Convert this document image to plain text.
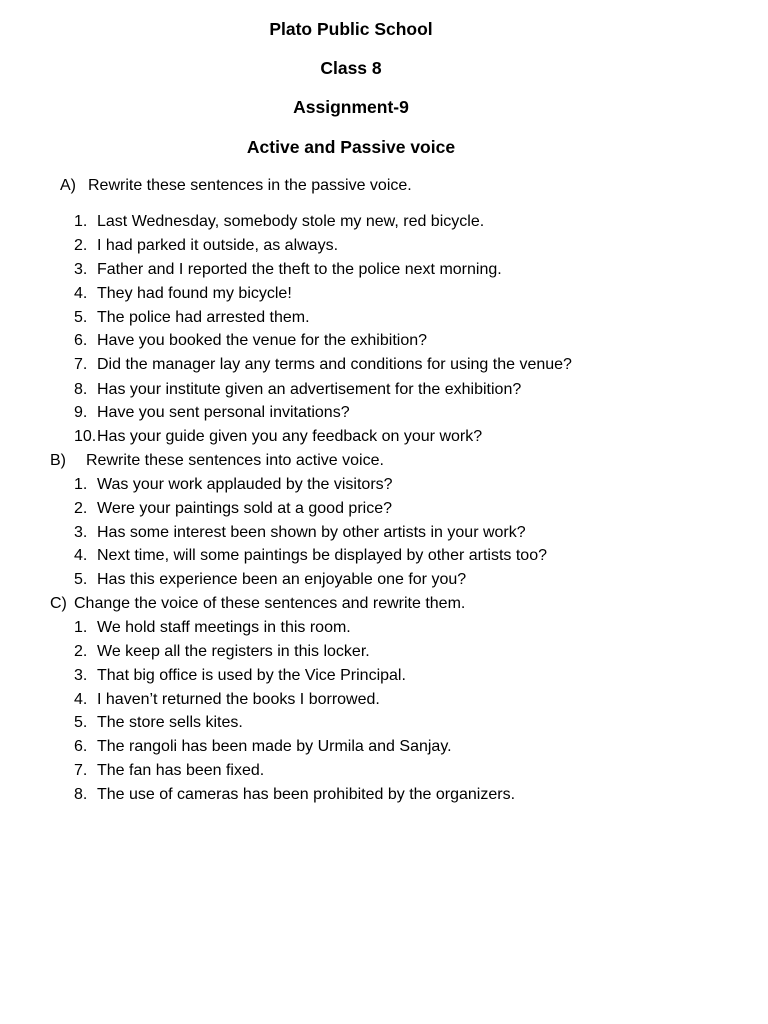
Plato Public School
Class 8
Assignment-9
Active and Passive voice
A) Rewrite these sentences in the passive voice.
1. Last Wednesday, somebody stole my new, red bicycle.
2. I had parked it outside, as always.
3. Father and I reported the theft to the police next morning.
4. They had found my bicycle!
5. The police had arrested them.
6. Have you booked the venue for the exhibition?
7. Did the manager lay any terms and conditions for using the venue?
8. Has your institute given an advertisement for the exhibition?
9. Have you sent personal invitations?
10. Has your guide given you any feedback on your work?
B) Rewrite these sentences into active voice.
1. Was your work applauded by the visitors?
2. Were your paintings sold at a good price?
3. Has some interest been shown by other artists in your work?
4. Next time, will some paintings be displayed by other artists too?
5. Has this experience been an enjoyable one for you?
C) Change the voice of these sentences and rewrite them.
1. We hold staff meetings in this room.
2. We keep all the registers in this locker.
3. That big office is used by the Vice Principal.
4. I haven’t returned the books I borrowed.
5. The store sells kites.
6. The rangoli has been made by Urmila and Sanjay.
7. The fan has been fixed.
8. The use of cameras has been prohibited by the organizers.
